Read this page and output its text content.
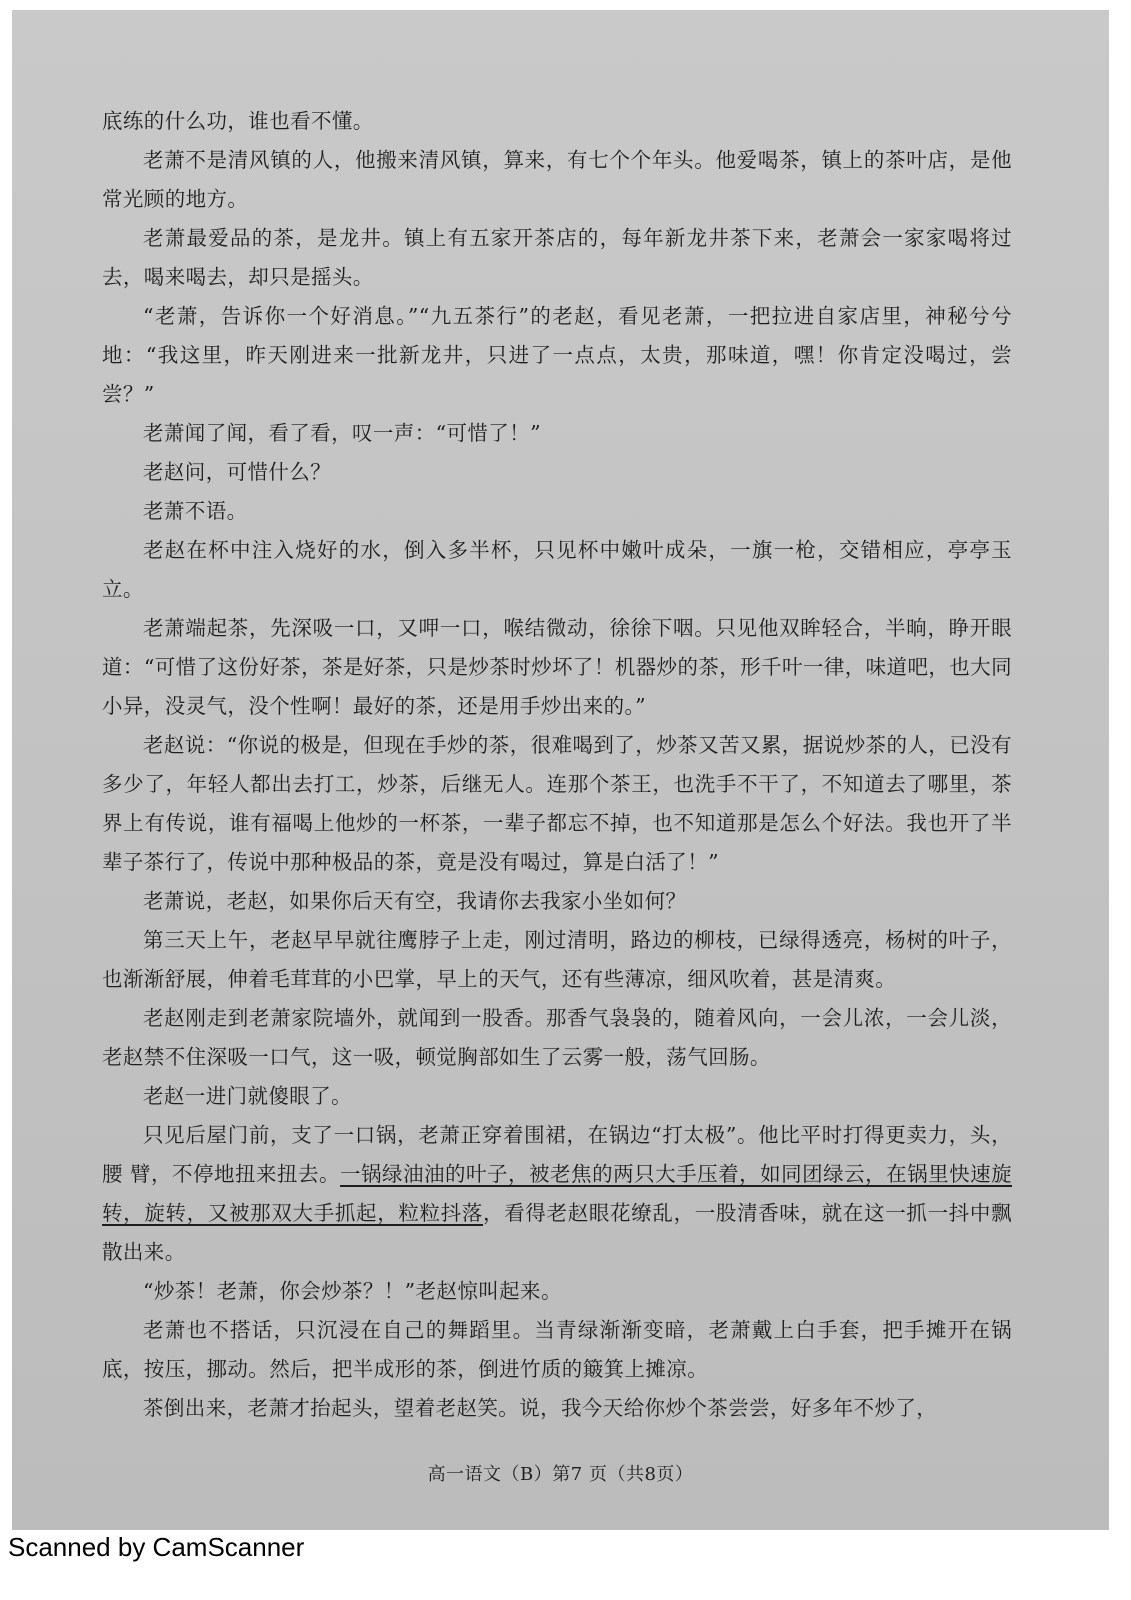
底练的什么功，谁也看不懂。

老萧不是清风镇的人，他搬来清风镇，算来，有七个个年头。他爱喝茶，镇上的茶叶店，是他常光顾的地方。

老萧最爱品的茶，是龙井。镇上有五家开茶店的，每年新龙井茶下来，老萧会一家家喝将过去，喝来喝去，却只是摇头。

“老萧，告诉你一个好消息。”“九五茶行”的老赵，看见老萧，一把拉进自家店里，神秘兮兮地：“我这里，昨天刚进来一批新龙井，只进了一点点，太贵，那味道，嘿！你肯定没喝过，尝尝？”

老萧闻了闻，看了看，叹一声：“可惜了！”

老赵问，可惜什么？

老萧不语。

老赵在杯中注入烧好的水，倒入多半杯，只见杯中嫩叶成朵，一旗一枪，交错相应，亭亭玉立。

老萧端起茶，先深吸一口，又呷一口，喉结微动，徐徐下咽。只见他双眸轻合，半晌，睁开眼道：“可惜了这份好茶，茶是好茶，只是炒茶时炒坏了！机器炒的茶，形千叶一律，味道吧，也大同小异，没灵气，没个性啊！最好的茶，还是用手炒出来的。”

老赵说：“你说的极是，但现在手炒的茶，很难喝到了，炒茶又苦又累，据说炒茶的人，已没有多少了，年轻人都出去打工，炒茶，后继无人。连那个茶王，也洗手不干了，不知道去了哪里，茶界上有传说，谁有福喝上他炒的一杯茶，一辈子都忘不掉，也不知道那是怎么个好法。我也开了半辈子茶行了，传说中那种极品的茶，竟是没有喝过，算是白活了！”

老萧说，老赵，如果你后天有空，我请你去我家小坐如何？

第三天上午，老赵早早就往鹰脖子上走，刚过清明，路边的柳枝，已绿得透亮，杨树的叶子，也渐渐舒展，伸着毛茸茸的小巴掌，早上的天气，还有些薄凉，细风吹着，甚是清爽。

老赵刚走到老萧家院墙外，就闻到一股香。那香气袅袅的，随着风向，一会儿浓，一会儿淡，老赵禁不住深吸一口气，这一吸，顿觉胸部如生了云雾一般，荡气回肠。

老赵一进门就傻眼了。

只见后屋门前，支了一口锅，老萧正穿着围裙，在锅边“打太极”。他比平时打得更卖力，头，腰 臂，不停地扭来扭去。一锅绿油油的叶子，被老焦的两只大手压着，如同团绿云，在锅里快速旋转，旋转，又被那双大手抓起，粒粒抖落，看得老赵眼花缭乱，一股清香味，就在这一抓一抖中飘散出来。

“炒茶！老萧，你会炒茶？！”老赵惊叫起来。

老萧也不搭话，只沉浸在自己的舞蹈里。当青绿渐渐变暗，老萧戴上白手套，把手摊开在锅底，按压，挪动。然后，把半成形的茶，倒进竹质的簸箕上摊凉。

茶倒出来，老萧才抬起头，望着老赵笑。说，我今天给你炒个茶尝尝，好多年不炒了，

高一语文（B）第7 页（共8页）
Scanned by CamScanner
